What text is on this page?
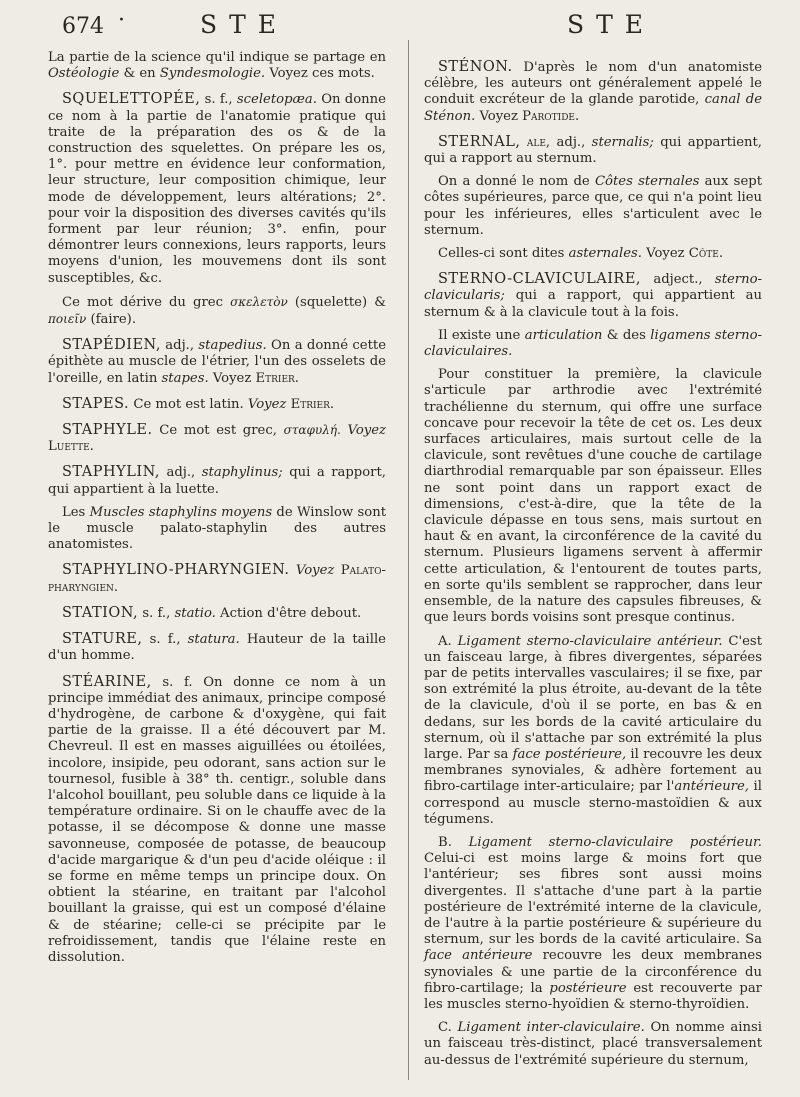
674 ·	STE	STE

La partie de la science qu'il indique se partage en Ostéologie & en Syndesmologie. Voyez ces mots.

SQUELETTOPÉE, s. f., sceletopæa. On donne ce nom à la partie de l'anatomie pratique qui traite de la préparation des os & de la construction des squelettes. On prépare les os, 1°. pour mettre en évidence leur conformation, leur structure, leur composition chimique, leur mode de développement, leurs altérations; 2°. pour voir la disposition des diverses cavités qu'ils forment par leur réunion; 3°. enfin, pour démontrer leurs connexions, leurs rapports, leurs moyens d'union, les mouvemens dont ils sont susceptibles, &c.

Ce mot dérive du grec σκελετὸν (squelette) & ποιεῖν (faire).

STAPÉDIEN, adj., stapedius. On a donné cette épithète au muscle de l'étrier, l'un des osselets de l'oreille, en latin stapes. Voyez Etrier.

STAPES. Ce mot est latin. Voyez Etrier.

STAPHYLE. Ce mot est grec, σταφυλή. Voyez Luette.

STAPHYLIN, adj., staphylinus; qui a rapport, qui appartient à la luette.

Les Muscles staphylins moyens de Winslow sont le muscle palato-staphylin des autres anatomistes.

STAPHYLINO-PHARYNGIEN. Voyez Palato-pharyngien.

STATION, s. f., statio. Action d'être debout.

STATURE, s. f., statura. Hauteur de la taille d'un homme.

STÉARINE, s. f. On donne ce nom à un principe immédiat des animaux, principe composé d'hydrogène, de carbone & d'oxygène, qui fait partie de la graisse. Il a été découvert par M. Chevreul. Il est en masses aiguillées ou étoilées, incolore, insipide, peu odorant, sans action sur le tournesol, fusible à 38° th. centigr., soluble dans l'alcohol bouillant, peu soluble dans ce liquide à la température ordinaire. Si on le chauffe avec de la potasse, il se décompose & donne une masse savonneuse, composée de potasse, de beaucoup d'acide margarique & d'un peu d'acide oléique : il se forme en même temps un principe doux. On obtient la stéarine, en traitant par l'alcohol bouillant la graisse, qui est un composé d'élaine & de stéarine; celle-ci se précipite par le refroidissement, tandis que l'élaine reste en dissolution.

STÉNON. D'après le nom d'un anatomiste célèbre, les auteurs ont généralement appelé le conduit excréteur de la glande parotide, canal de Sténon. Voyez Parotide.

STERNAL, ale, adj., sternalis; qui appartient, qui a rapport au sternum.

On a donné le nom de Côtes sternales aux sept côtes supérieures, parce que, ce qui n'a point lieu pour les inférieures, elles s'articulent avec le sternum.

Celles-ci sont dites asternales. Voyez Côte.

STERNO-CLAVICULAIRE, adject., sterno-clavicularis; qui a rapport, qui appartient au sternum & à la clavicule tout à la fois.

Il existe une articulation & des ligamens sterno-claviculaires.

Pour constituer la première, la clavicule s'articule par arthrodie avec l'extrémité trachélienne du sternum, qui offre une surface concave pour recevoir la tête de cet os. Les deux surfaces articulaires, mais surtout celle de la clavicule, sont revêtues d'une couche de cartilage diarthrodial remarquable par son épaisseur. Elles ne sont point dans un rapport exact de dimensions, c'est-à-dire, que la tête de la clavicule dépasse en tous sens, mais surtout en haut & en avant, la circonférence de la cavité du sternum. Plusieurs ligamens servent à affermir cette articulation, & l'entourent de toutes parts, en sorte qu'ils semblent se rapprocher, dans leur ensemble, de la nature des capsules fibreuses, & que leurs bords voisins sont presque continus.

A. Ligament sterno-claviculaire antérieur. C'est un faisceau large, à fibres divergentes, séparées par de petits intervalles vasculaires; il se fixe, par son extrémité la plus étroite, au-devant de la tête de la clavicule, d'où il se porte, en bas & en dedans, sur les bords de la cavité articulaire du sternum, où il s'attache par son extrémité la plus large. Par sa face postérieure, il recouvre les deux membranes synoviales, & adhère fortement au fibro-cartilage inter-articulaire; par l'antérieure, il correspond au muscle sterno-mastoïdien & aux tégumens.

B. Ligament sterno-claviculaire postérieur. Celui-ci est moins large & moins fort que l'antérieur; ses fibres sont aussi moins divergentes. Il s'attache d'une part à la partie postérieure de l'extrémité interne de la clavicule, de l'autre à la partie postérieure & supérieure du sternum, sur les bords de la cavité articulaire. Sa face antérieure recouvre les deux membranes synoviales & une partie de la circonférence du fibro-cartilage; la postérieure est recouverte par les muscles sterno-hyoïdien & sterno-thyroïdien.

C. Ligament inter-claviculaire. On nomme ainsi un faisceau très-distinct, placé transversalement au-dessus de l'extrémité supérieure du sternum,
